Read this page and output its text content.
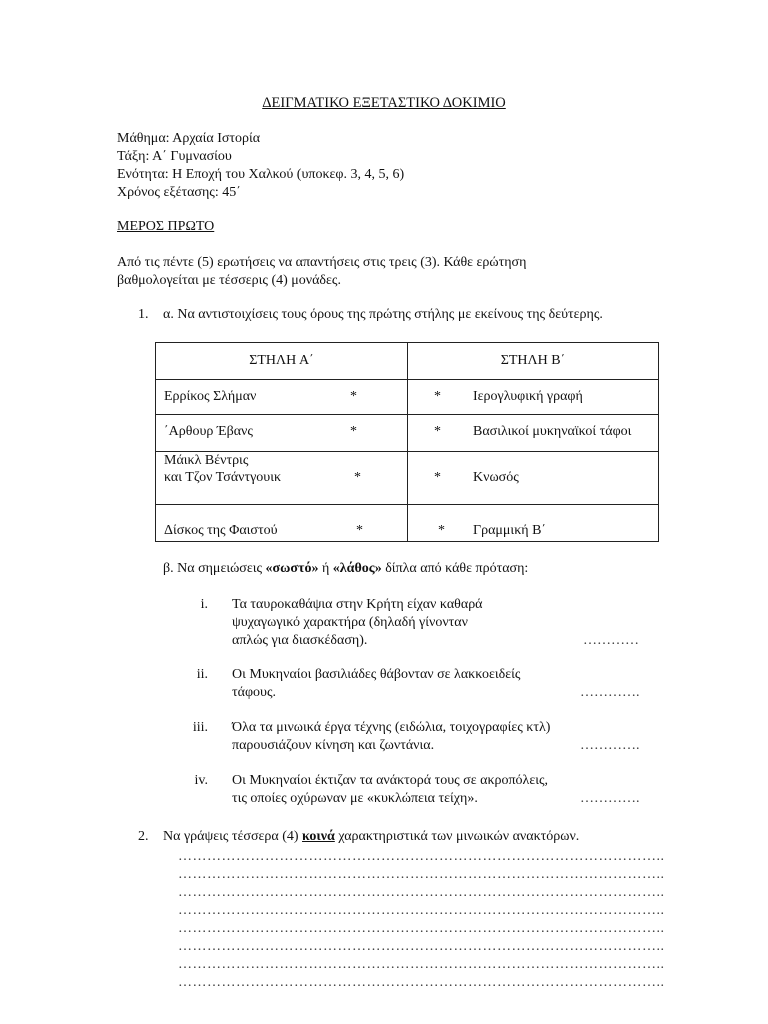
ΔΕΙΓΜΑΤΙΚΟ ΕΞΕΤΑΣΤΙΚΟ ΔΟΚΙΜΙΟ
Μάθημα: Αρχαία Ιστορία
Τάξη: Α΄ Γυμνασίου
Ενότητα: Η Εποχή του Χαλκού (υποκεφ. 3, 4, 5, 6)
Χρόνος εξέτασης: 45΄
ΜΕΡΟΣ ΠΡΩΤΟ
Από τις πέντε (5) ερωτήσεις να απαντήσεις στις τρεις (3). Κάθε ερώτηση
βαθμολογείται με τέσσερις (4) μονάδες.
1. α. Να αντιστοιχίσεις τους όρους της πρώτης στήλης με εκείνους της δεύτερης.
ΣΤΗΛΗ Α΄	ΣΤΗΛΗ Β΄

Ερρίκος Σλήμαν *	* Ιερογλυφική γραφή

΄Αρθουρ Έβανς *	* Βασιλικοί μυκηναϊκοί τάφοι

Μάικλ Βέντρις
και Τζον Τσάντγουικ *	* Κνωσός

Δίσκος της Φαιστού *	* Γραμμική Β΄
β. Να σημειώσεις «σωστό» ή «λάθος» δίπλα από κάθε πρόταση:
i. Τα ταυροκαθάψια στην Κρήτη είχαν καθαρά
ψυχαγωγικό χαρακτήρα (δηλαδή γίνονταν
απλώς για διασκέδαση).	…………
ii. Οι Μυκηναίοι βασιλιάδες θάβονταν σε λακκοειδείς
τάφους.	………….
iii. Όλα τα μινωικά έργα τέχνης (ειδώλια, τοιχογραφίες κτλ)
παρουσιάζουν κίνηση και ζωντάνια.	………….
iv. Οι Μυκηναίοι έκτιζαν τα ανάκτορά τους σε ακροπόλεις,
τις οποίες οχύρωναν με «κυκλώπεια τείχη».	………….
2. Να γράψεις τέσσερα (4) κοινά χαρακτηριστικά των μινωικών ανακτόρων.
………………………………………………………………………………………..
………………………………………………………………………………………..
………………………………………………………………………………………..
………………………………………………………………………………………..
………………………………………………………………………………………..
………………………………………………………………………………………..
………………………………………………………………………………………..
………………………………………………………………………………………..
